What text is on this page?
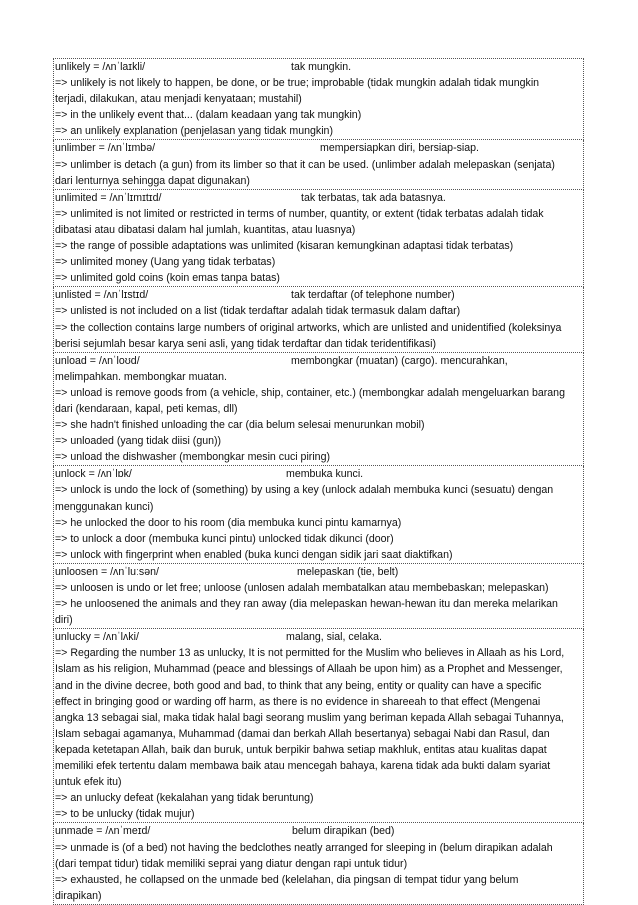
unlikely = /ʌnˈlaɪkli/	tak mungkin.
=> unlikely is not likely to happen, be done, or be true; improbable (tidak mungkin adalah tidak mungkin
terjadi, dilakukan, atau menjadi kenyataan; mustahil)
=> in the unlikely event that... (dalam keadaan yang tak mungkin)
=> an unlikely explanation (penjelasan yang tidak mungkin)
unlimber = /ʌnˈlɪmbə/	mempersiapkan diri, bersiap-siap.
=> unlimber is detach (a gun) from its limber so that it can be used. (unlimber adalah melepaskan (senjata)
dari lenturnya sehingga dapat digunakan)
unlimited = /ʌnˈlɪmɪtɪd/	tak terbatas, tak ada batasnya.
=> unlimited is not limited or restricted in terms of number, quantity, or extent (tidak terbatas adalah tidak
dibatasi atau dibatasi dalam hal jumlah, kuantitas, atau luasnya)
=> the range of possible adaptations was unlimited (kisaran kemungkinan adaptasi tidak terbatas)
=> unlimited money (Uang yang tidak terbatas)
=> unlimited gold coins (koin emas tanpa batas)
unlisted = /ʌnˈlɪstɪd/	tak terdaftar (of telephone number)
=> unlisted is not included on a list (tidak terdaftar adalah tidak termasuk dalam daftar)
=> the collection contains large numbers of original artworks, which are unlisted and unidentified (koleksinya
berisi sejumlah besar karya seni asli, yang tidak terdaftar dan tidak teridentifikasi)
unload = /ʌnˈloʊd/	membongkar (muatan) (cargo). mencurahkan,
melimpahkan. membongkar muatan.
=> unload is remove goods from (a vehicle, ship, container, etc.) (membongkar adalah mengeluarkan barang
dari (kendaraan, kapal, peti kemas, dll)
=> she hadn't finished unloading the car (dia belum selesai menurunkan mobil)
=> unloaded (yang tidak diisi (gun))
=> unload the dishwasher (membongkar mesin cuci piring)
unlock = /ʌnˈlɒk/	membuka kunci.
=> unlock is undo the lock of (something) by using a key (unlock adalah membuka kunci (sesuatu) dengan
menggunakan kunci)
=> he unlocked the door to his room (dia membuka kunci pintu kamarnya)
=> to unlock a door (membuka kunci pintu) unlocked tidak dikunci (door)
=> unlock with fingerprint when enabled (buka kunci dengan sidik jari saat diaktifkan)
unloosen = /ʌnˈluːsən/	melepaskan (tie, belt)
=> unloosen is undo or let free; unloose (unlosen adalah membatalkan atau membebaskan; melepaskan)
=> he unloosened the animals and they ran away (dia melepaskan hewan-hewan itu dan mereka melarikan
diri)
unlucky = /ʌnˈlʌki/	malang, sial, celaka.
=> Regarding the number 13 as unlucky, It is not permitted for the Muslim who believes in Allaah as his Lord,
Islam as his religion, Muhammad (peace and blessings of Allaah be upon him) as a Prophet and Messenger,
and in the divine decree, both good and bad, to think that any being, entity or quality can have a specific
effect in bringing good or warding off harm, as there is no evidence in shareeah to that effect (Mengenai
angka 13 sebagai sial, maka tidak halal bagi seorang muslim yang beriman kepada Allah sebagai Tuhannya,
Islam sebagai agamanya, Muhammad (damai dan berkah Allah besertanya) sebagai Nabi dan Rasul, dan
kepada ketetapan Allah, baik dan buruk, untuk berpikir bahwa setiap makhluk, entitas atau kualitas dapat
memiliki efek tertentu dalam membawa baik atau mencegah bahaya, karena tidak ada bukti dalam syariat
untuk efek itu)
=> an unlucky defeat (kekalahan yang tidak beruntung)
=> to be unlucky (tidak mujur)
unmade = /ʌnˈmeɪd/	belum dirapikan (bed)
=> unmade is (of a bed) not having the bedclothes neatly arranged for sleeping in (belum dirapikan adalah
(dari tempat tidur) tidak memiliki seprai yang diatur dengan rapi untuk tidur)
=> exhausted, he collapsed on the unmade bed (kelelahan, dia pingsan di tempat tidur yang belum
dirapikan)
